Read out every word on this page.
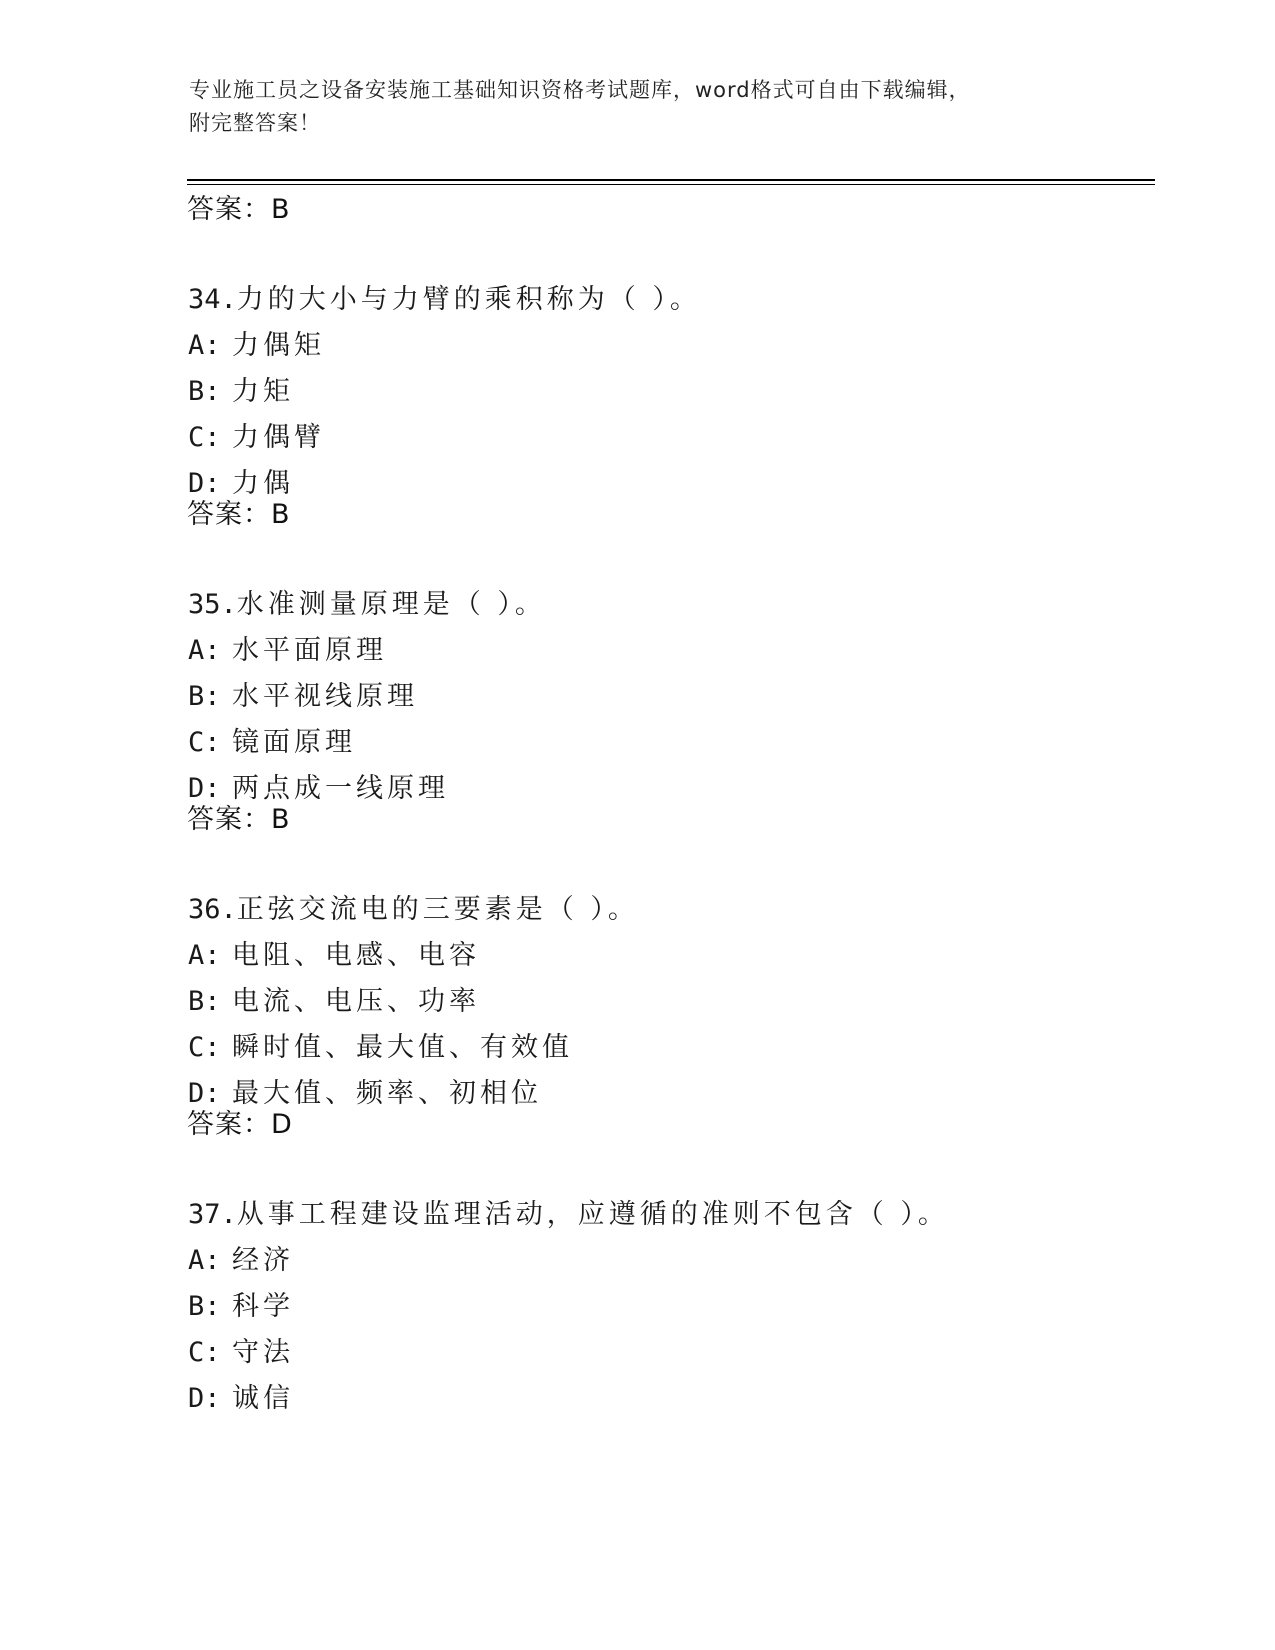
专业施工员之设备安装施工基础知识资格考试题库，word格式可自由下载编辑，
附完整答案！
答案：B
34.力的大小与力臂的乘积称为（ ）。
A: 力偶矩
B: 力矩
C: 力偶臂
D: 力偶
答案：B
35.水准测量原理是（ ）。
A: 水平面原理
B: 水平视线原理
C: 镜面原理
D: 两点成一线原理
答案：B
36.正弦交流电的三要素是（ ）。
A: 电阻、电感、电容
B: 电流、电压、功率
C: 瞬时值、最大值、有效值
D: 最大值、频率、初相位
答案：D
37.从事工程建设监理活动，应遵循的准则不包含（ ）。
A: 经济
B: 科学
C: 守法
D: 诚信
